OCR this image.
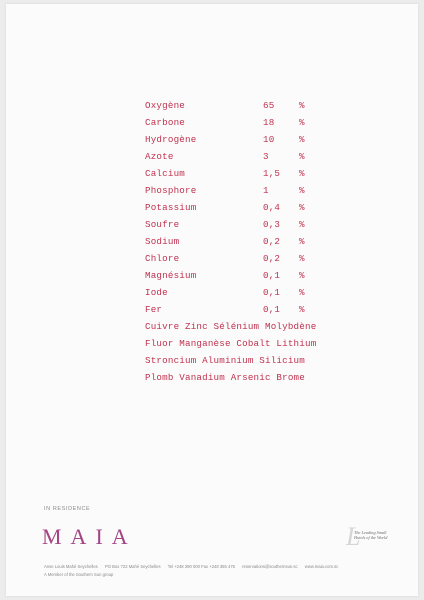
Oxygène	65	%
Carbone	18	%
Hydrogène	10	%
Azote	3	%
Calcium	1,5 %
Phosphore	1	%
Potassium	0,4 %
Soufre	0,3 %
Sodium	0,2 %
Chlore	0,2 %
Magnésium	0,1 %
Iode	0,1 %
Fer	0,1 %
Cuivre Zinc Sélénium Molybdène
Fluor Manganèse Cobalt Lithium
Stroncium Aluminium Silicium
Plomb Vanadium Arsenic Brome
IN RESIDENCE
MAIA	L
The Leading Small Hotels of the World
Anse Louis Mahé Seychelles PO Box 722 Mahé Seychelles Tel +248 390 000 Fax +248 355 476 reservations@southernsun.sc www.maia.com.sc
A Member of the Southern Sun group
